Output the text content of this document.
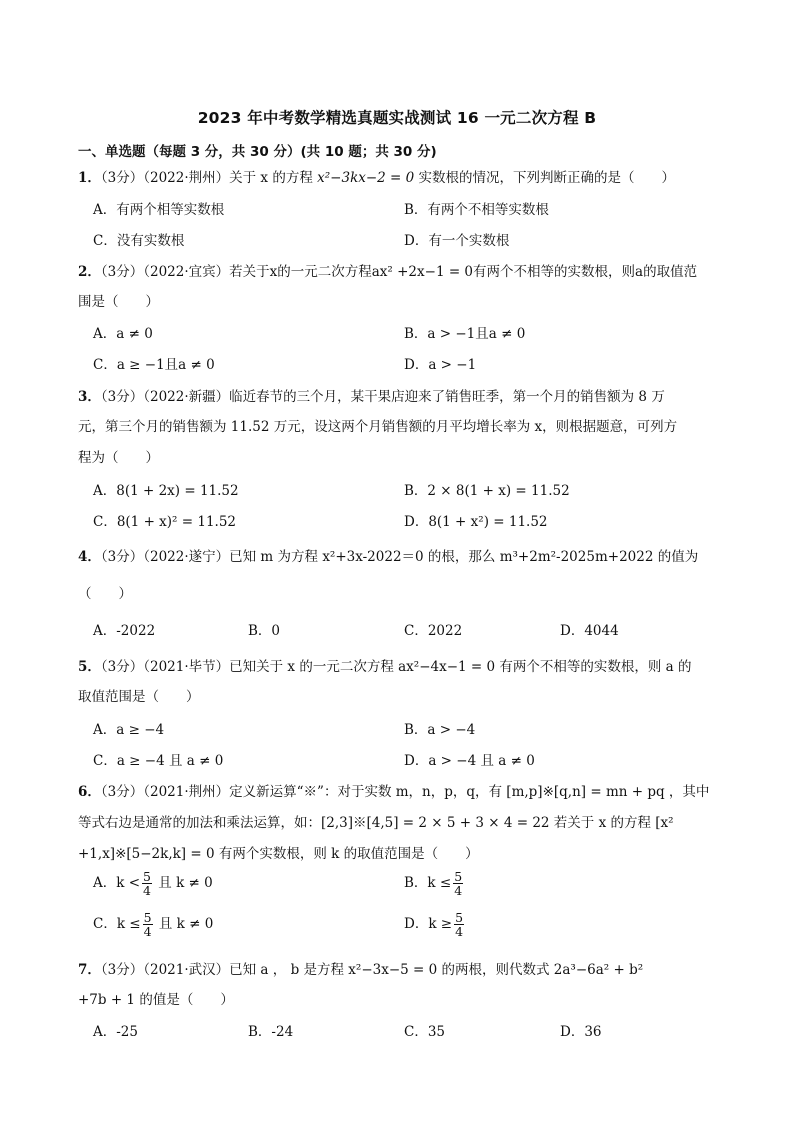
2023 年中考数学精选真题实战测试 16 一元二次方程 B
一、单选题（每题 3 分，共 30 分）(共 10 题；共 30 分)
1．（3分）（2022·荆州）关于 x 的方程 x²−3kx−2 = 0 实数根的情况，下列判断正确的是（　　）
A．有两个相等实数根	B．有两个不相等实数根
C．没有实数根	D．有一个实数根
2．（3分）（2022·宜宾）若关于x的一元二次方程ax² +2x−1 = 0有两个不相等的实数根，则a的取值范
围是（　　）
A．a ≠ 0	B．a > −1且a ≠ 0
C．a ≥ −1且a ≠ 0	D．a > −1
3．（3分）（2022·新疆）临近春节的三个月，某干果店迎来了销售旺季，第一个月的销售额为 8 万
元，第三个月的销售额为 11.52 万元，设这两个月销售额的月平均增长率为 x，则根据题意，可列方
程为（　　）
A．8(1 + 2x) = 11.52	B．2 × 8(1 + x) = 11.52
C．8(1 + x)² = 11.52	D．8(1 + x²) = 11.52
4．（3分）（2022·遂宁）已知 m 为方程 x²+3x-2022＝0 的根，那么 m³+2m²-2025m+2022 的值为
（　　）
A．-2022	B．0	C．2022	D．4044
5．（3分）（2021·毕节）已知关于 x 的一元二次方程 ax²−4x−1 = 0 有两个不相等的实数根，则 a 的
取值范围是（　　）
A．a ≥ −4	B．a > −4
C．a ≥ −4 且 a ≠ 0	D．a > −4 且 a ≠ 0
6．（3分）（2021·荆州）定义新运算“※”：对于实数 m，n，p，q，有 [m,p]※[q,n] = mn + pq ，其中
等式右边是通常的加法和乘法运算，如：[2,3]※[4,5] = 2 × 5 + 3 × 4 = 22 若关于 x 的方程 [x²
+1,x]※[5−2k,k] = 0 有两个实数根，则 k 的取值范围是（　　）
A．$k < \frac{5}{4}$ 且 k ≠ 0	B．$k \le \frac{5}{4}$
C．$k \le \frac{5}{4}$ 且 k ≠ 0	D．$k \ge \frac{5}{4}$
7．（3分）（2021·武汉）已知 a ， b 是方程 x²−3x−5 = 0 的两根，则代数式 2a³−6a² + b²
+7b + 1 的值是（　　）
A．-25	B．-24	C．35	D．36
